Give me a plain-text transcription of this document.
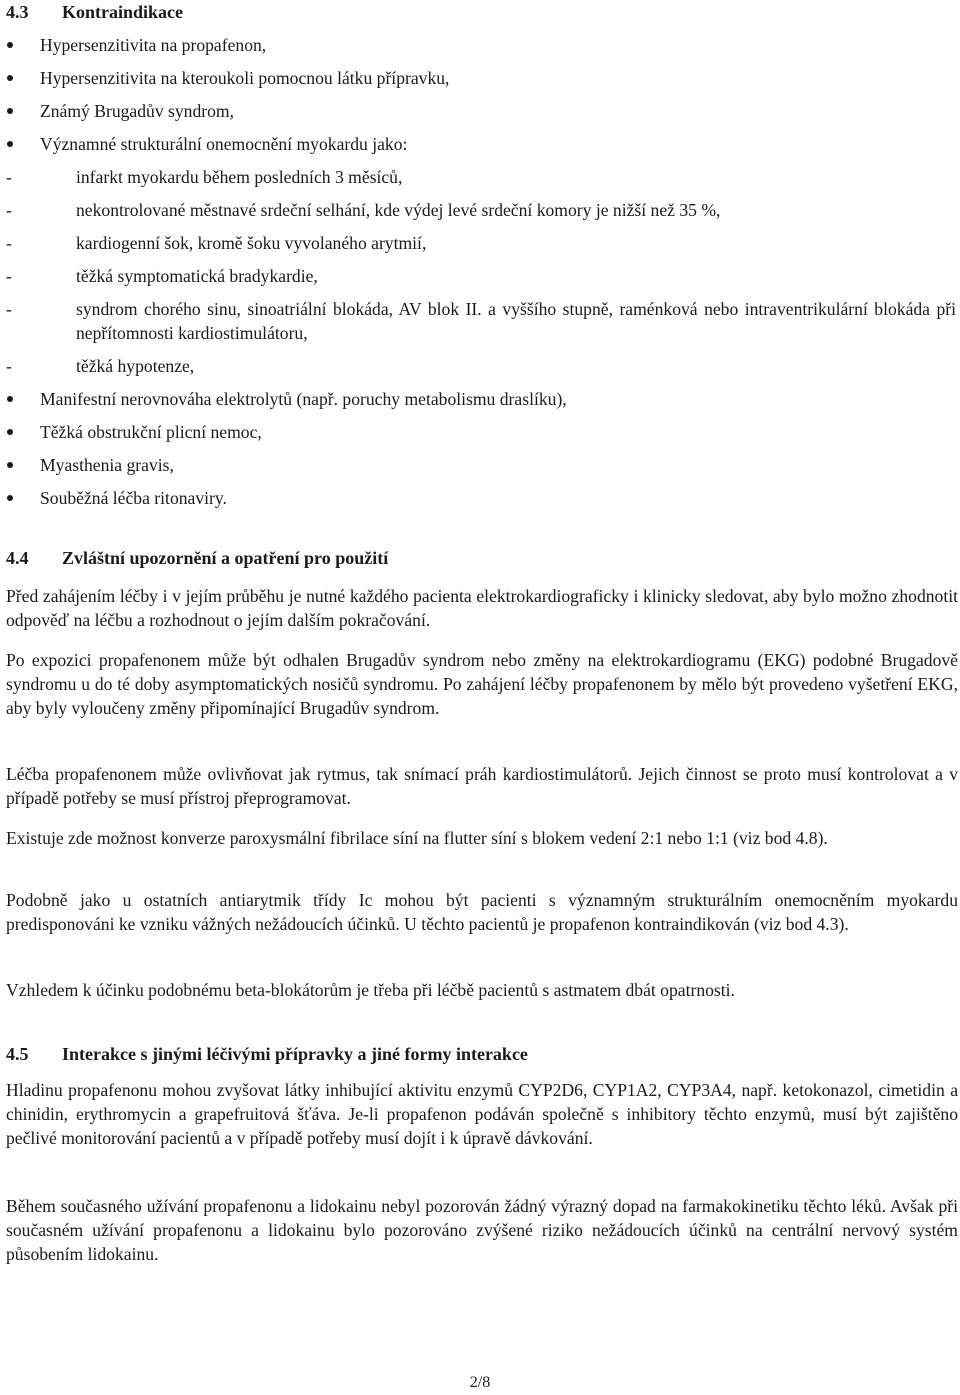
4.3 Kontraindikace
Hypersenzitivita na propafenon,
Hypersenzitivita na kteroukoli pomocnou látku přípravku,
Známý Brugadův syndrom,
Významné strukturální onemocnění myokardu jako:
-	infarkt myokardu během posledních 3 měsíců,
-	nekontrolované městnavé srdeční selhání, kde výdej levé srdeční komory je nižší než 35 %,
-	kardiogenní šok, kromě šoku vyvolaného arytmií,
-	těžká symptomatická bradykardie,
-	syndrom chorého sinu, sinoatriální blokáda, AV blok II. a vyššího stupně, raménková nebo intraventrikulární blokáda při nepřítomnosti kardiostimulátoru,
-	těžká hypotenze,
Manifestní nerovnováha elektrolytů (např. poruchy metabolismu draslíku),
Těžká obstrukční plicní nemoc,
Myasthenia gravis,
Souběžná léčba ritonaviry.
4.4 Zvláštní upozornění a opatření pro použití

Před zahájením léčby i v jejím průběhu je nutné každého pacienta elektrokardiograficky i klinicky sledovat, aby bylo možno zhodnotit odpověď na léčbu a rozhodnout o jejím dalším pokračování.

Po expozici propafenonem může být odhalen Brugadův syndrom nebo změny na elektrokardiogramu (EKG) podobné Brugadově syndromu u do té doby asymptomatických nosičů syndromu. Po zahájení léčby propafenonem by mělo být provedeno vyšetření EKG, aby byly vyloučeny změny připomínající Brugadův syndrom.

Léčba propafenonem může ovlivňovat jak rytmus, tak snímací práh kardiostimulátorů. Jejich činnost se proto musí kontrolovat a v případě potřeby se musí přístroj přeprogramovat.

Existuje zde možnost konverze paroxysmální fibrilace síní na flutter síní s blokem vedení 2:1 nebo 1:1 (viz bod 4.8).

Podobně jako u ostatních antiarytmik třídy Ic mohou být pacienti s významným strukturálním onemocněním myokardu predisponováni ke vzniku vážných nežádoucích účinků. U těchto pacientů je propafenon kontraindikován (viz bod 4.3).

Vzhledem k účinku podobnému beta-blokátorům je třeba při léčbě pacientů s astmatem dbát opatrnosti.

4.5 Interakce s jinými léčivými přípravky a jiné formy interakce

Hladinu propafenonu mohou zvyšovat látky inhibující aktivitu enzymů CYP2D6, CYP1A2, CYP3A4, např. ketokonazol, cimetidin a chinidin, erythromycin a grapefruitová šťáva. Je-li propafenon podáván společně s inhibitory těchto enzymů, musí být zajištěno pečlivé monitorování pacientů a v případě potřeby musí dojít i k úpravě dávkování.

Během současného užívání propafenonu a lidokainu nebyl pozorován žádný výrazný dopad na farmakokinetiku těchto léků. Avšak při současném užívání propafenonu a lidokainu bylo pozorováno zvýšené riziko nežádoucích účinků na centrální nervový systém působením lidokainu.

2/8
